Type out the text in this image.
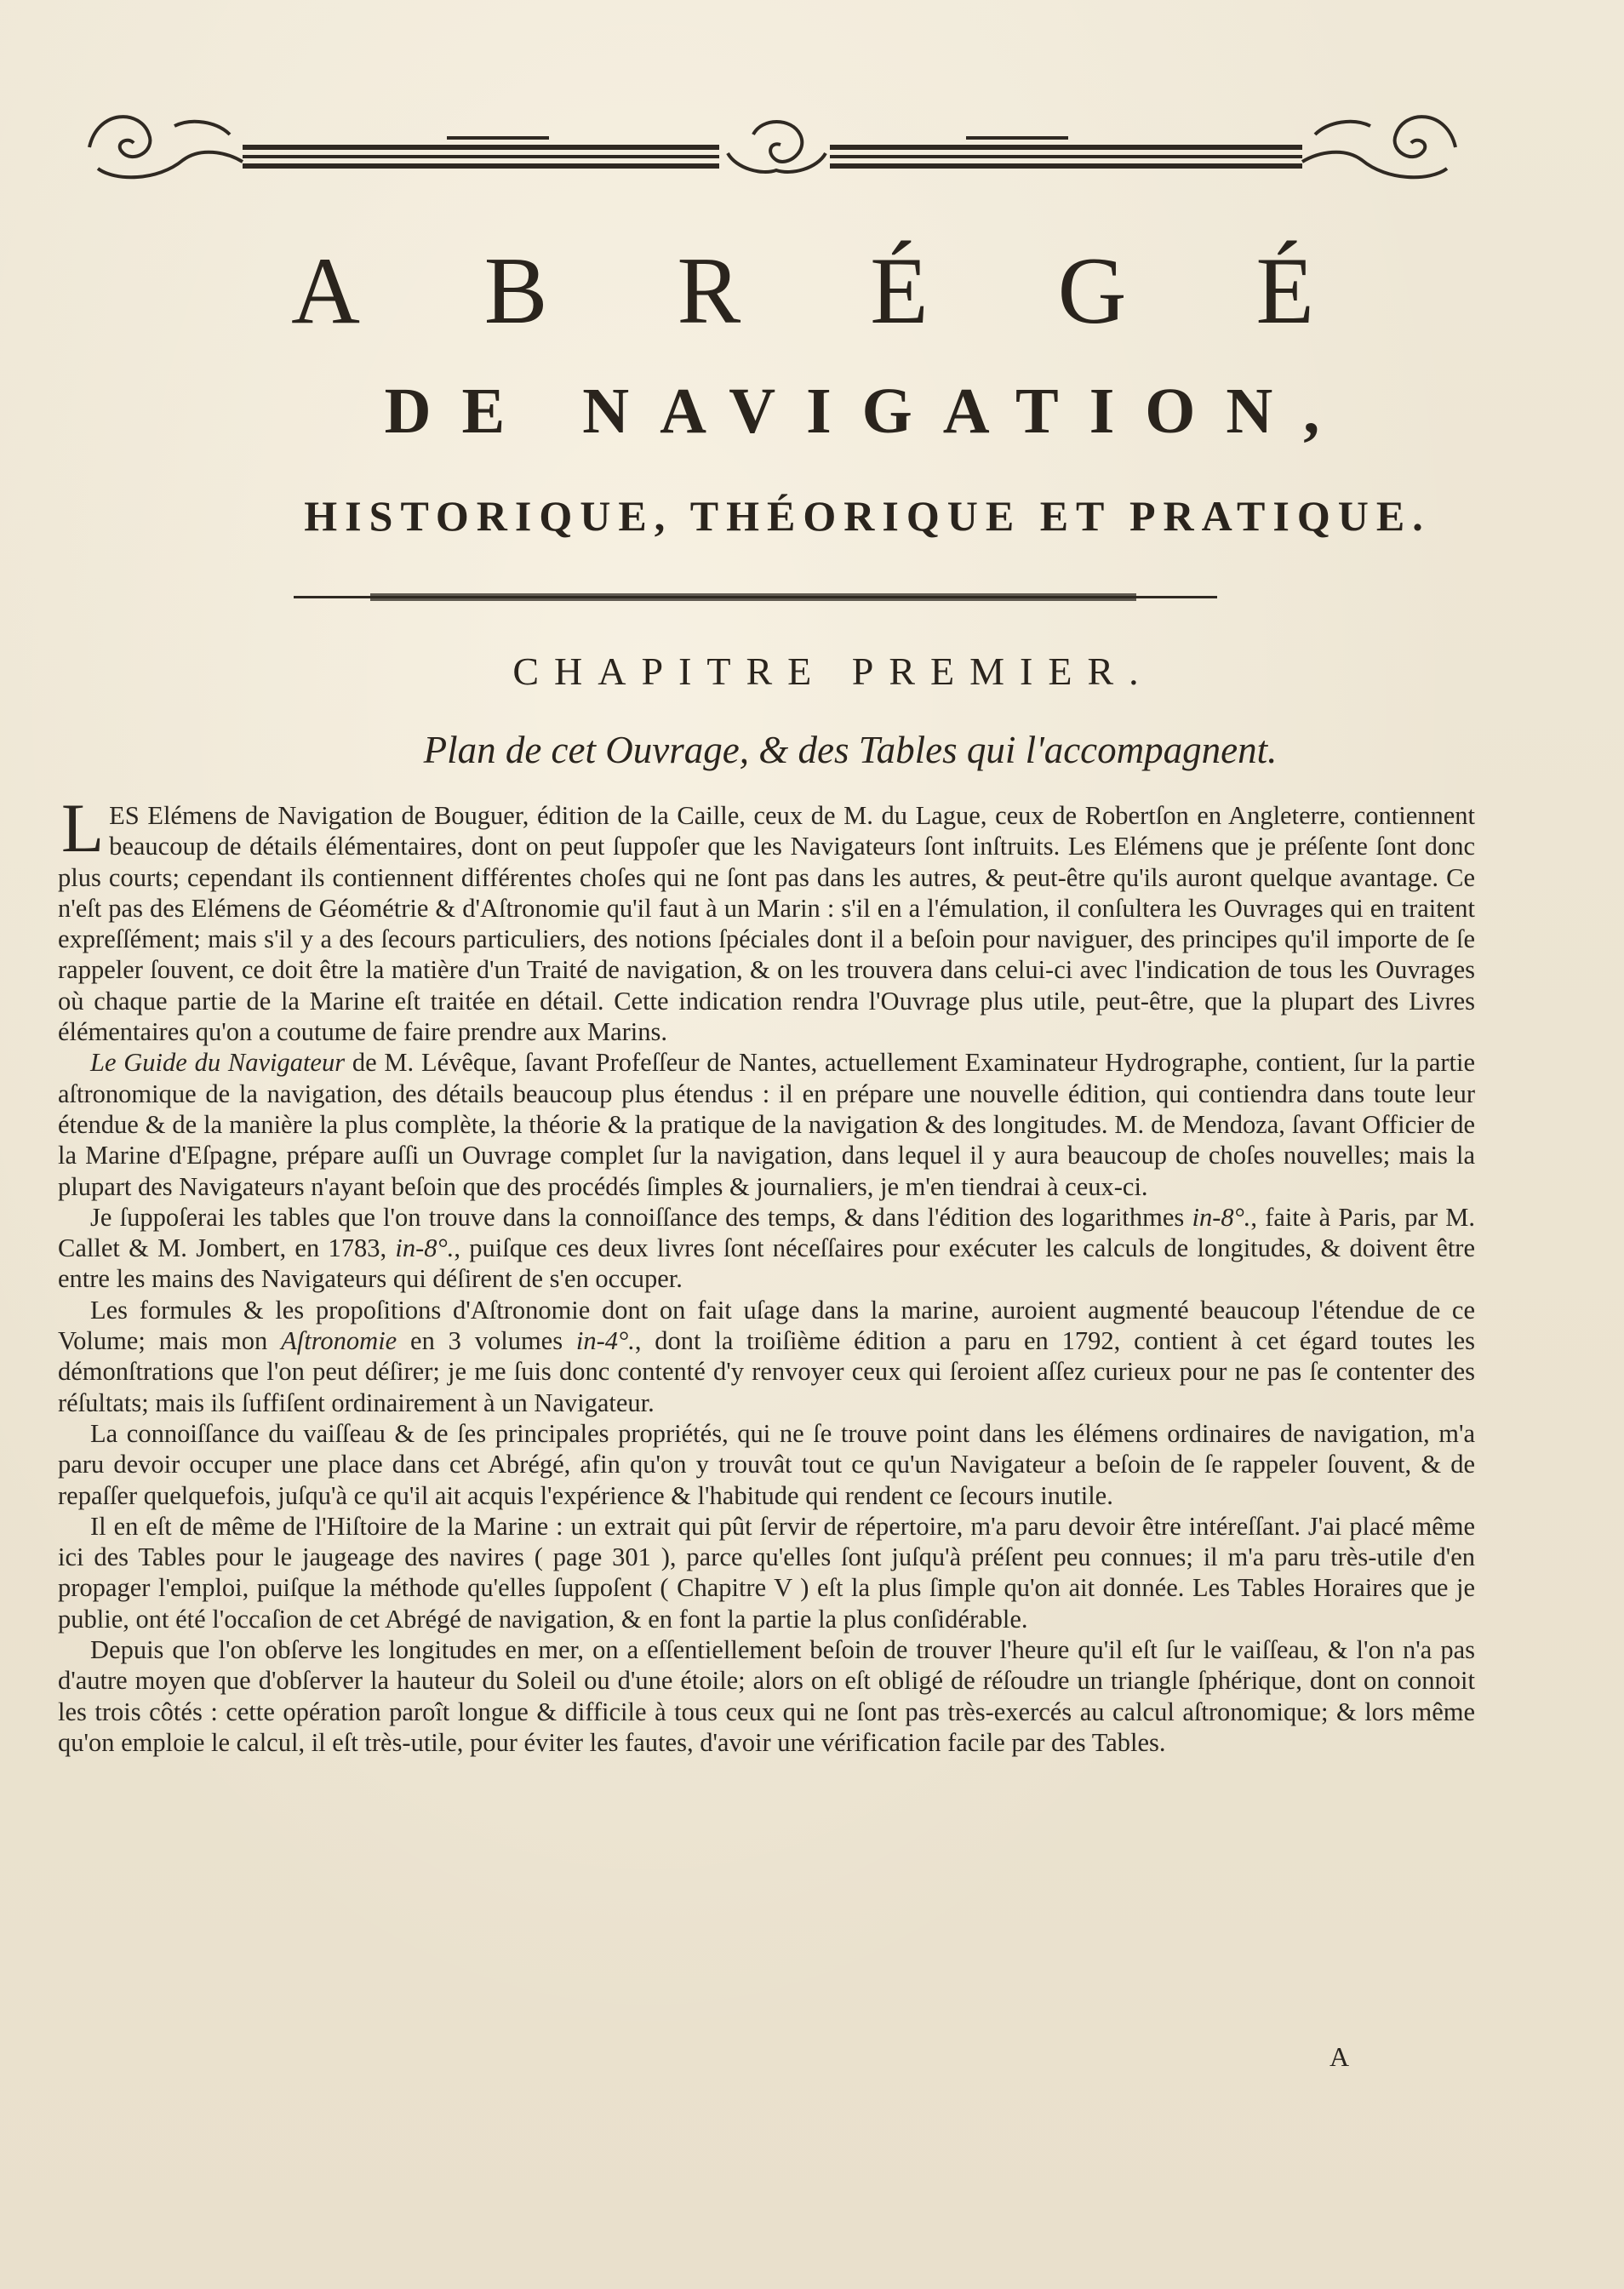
A B R É G É
DE NAVIGATION,
HISTORIQUE, THÉORIQUE ET PRATIQUE.
CHAPITRE PREMIER.
Plan de cet Ouvrage, & des Tables qui l'accompagnent.

LES Elémens de Navigation de Bouguer, édition de la Caille, ceux de M. du Lague, ceux de Robertſon en Angleterre, contiennent beaucoup de détails élémentaires, dont on peut ſuppoſer que les Navigateurs ſont inſtruits. Les Elémens que je préſente ſont donc plus courts; cependant ils contiennent différentes choſes qui ne ſont pas dans les autres, & peut-être qu'ils auront quelque avantage. Ce n'eſt pas des Elémens de Géométrie & d'Aſtronomie qu'il faut à un Marin : s'il en a l'émulation, il conſultera les Ouvrages qui en traitent expreſſément; mais s'il y a des ſecours particuliers, des notions ſpéciales dont il a beſoin pour naviguer, des principes qu'il importe de ſe rappeler ſouvent, ce doit être la matière d'un Traité de navigation, & on les trouvera dans celui-ci avec l'indication de tous les Ouvrages où chaque partie de la Marine eſt traitée en détail. Cette indication rendra l'Ouvrage plus utile, peut-être, que la plupart des Livres élémentaires qu'on a coutume de faire prendre aux Marins.

Le Guide du Navigateur de M. Lévêque, ſavant Profeſſeur de Nantes, actuellement Examinateur Hydrographe, contient, ſur la partie aſtronomique de la navigation, des détails beaucoup plus étendus : il en prépare une nouvelle édition, qui contiendra dans toute leur étendue & de la manière la plus complète, la théorie & la pratique de la navigation & des longitudes. M. de Mendoza, ſavant Officier de la Marine d'Eſpagne, prépare auſſi un Ouvrage complet ſur la navigation, dans lequel il y aura beaucoup de choſes nouvelles; mais la plupart des Navigateurs n'ayant beſoin que des procédés ſimples & journaliers, je m'en tiendrai à ceux-ci.

Je ſuppoſerai les tables que l'on trouve dans la connoiſſance des temps, & dans l'édition des logarithmes in-8°., faite à Paris, par M. Callet & M. Jombert, en 1783, in-8°., puiſque ces deux livres ſont néceſſaires pour exécuter les calculs de longitudes, & doivent être entre les mains des Navigateurs qui déſirent de s'en occuper.

Les formules & les propoſitions d'Aſtronomie dont on fait uſage dans la marine, auroient augmenté beaucoup l'étendue de ce Volume; mais mon Aſtronomie en 3 volumes in-4°., dont la troiſième édition a paru en 1792, contient à cet égard toutes les démonſtrations que l'on peut déſirer; je me ſuis donc contenté d'y renvoyer ceux qui ſeroient aſſez curieux pour ne pas ſe contenter des réſultats; mais ils ſuffiſent ordinairement à un Navigateur.

La connoiſſance du vaiſſeau & de ſes principales propriétés, qui ne ſe trouve point dans les élémens ordinaires de navigation, m'a paru devoir occuper une place dans cet Abrégé, afin qu'on y trouvât tout ce qu'un Navigateur a beſoin de ſe rappeler ſouvent, & de repaſſer quelquefois, juſqu'à ce qu'il ait acquis l'expérience & l'habitude qui rendent ce ſecours inutile.

Il en eſt de même de l'Hiſtoire de la Marine : un extrait qui pût ſervir de répertoire, m'a paru devoir être intéreſſant. J'ai placé même ici des Tables pour le jaugeage des navires ( page 301 ), parce qu'elles ſont juſqu'à préſent peu connues; il m'a paru très-utile d'en propager l'emploi, puiſque la méthode qu'elles ſuppoſent ( Chapitre V ) eſt la plus ſimple qu'on ait donnée. Les Tables Horaires que je publie, ont été l'occaſion de cet Abrégé de navigation, & en font la partie la plus conſidérable.

Depuis que l'on obſerve les longitudes en mer, on a eſſentiellement beſoin de trouver l'heure qu'il eſt ſur le vaiſſeau, & l'on n'a pas d'autre moyen que d'obſerver la hauteur du Soleil ou d'une étoile; alors on eſt obligé de réſoudre un triangle ſphérique, dont on connoit les trois côtés : cette opération paroît longue & difficile à tous ceux qui ne ſont pas très-exercés au calcul aſtronomique; & lors même qu'on emploie le calcul, il eſt très-utile, pour éviter les fautes, d'avoir une vérification facile par des Tables.

A
